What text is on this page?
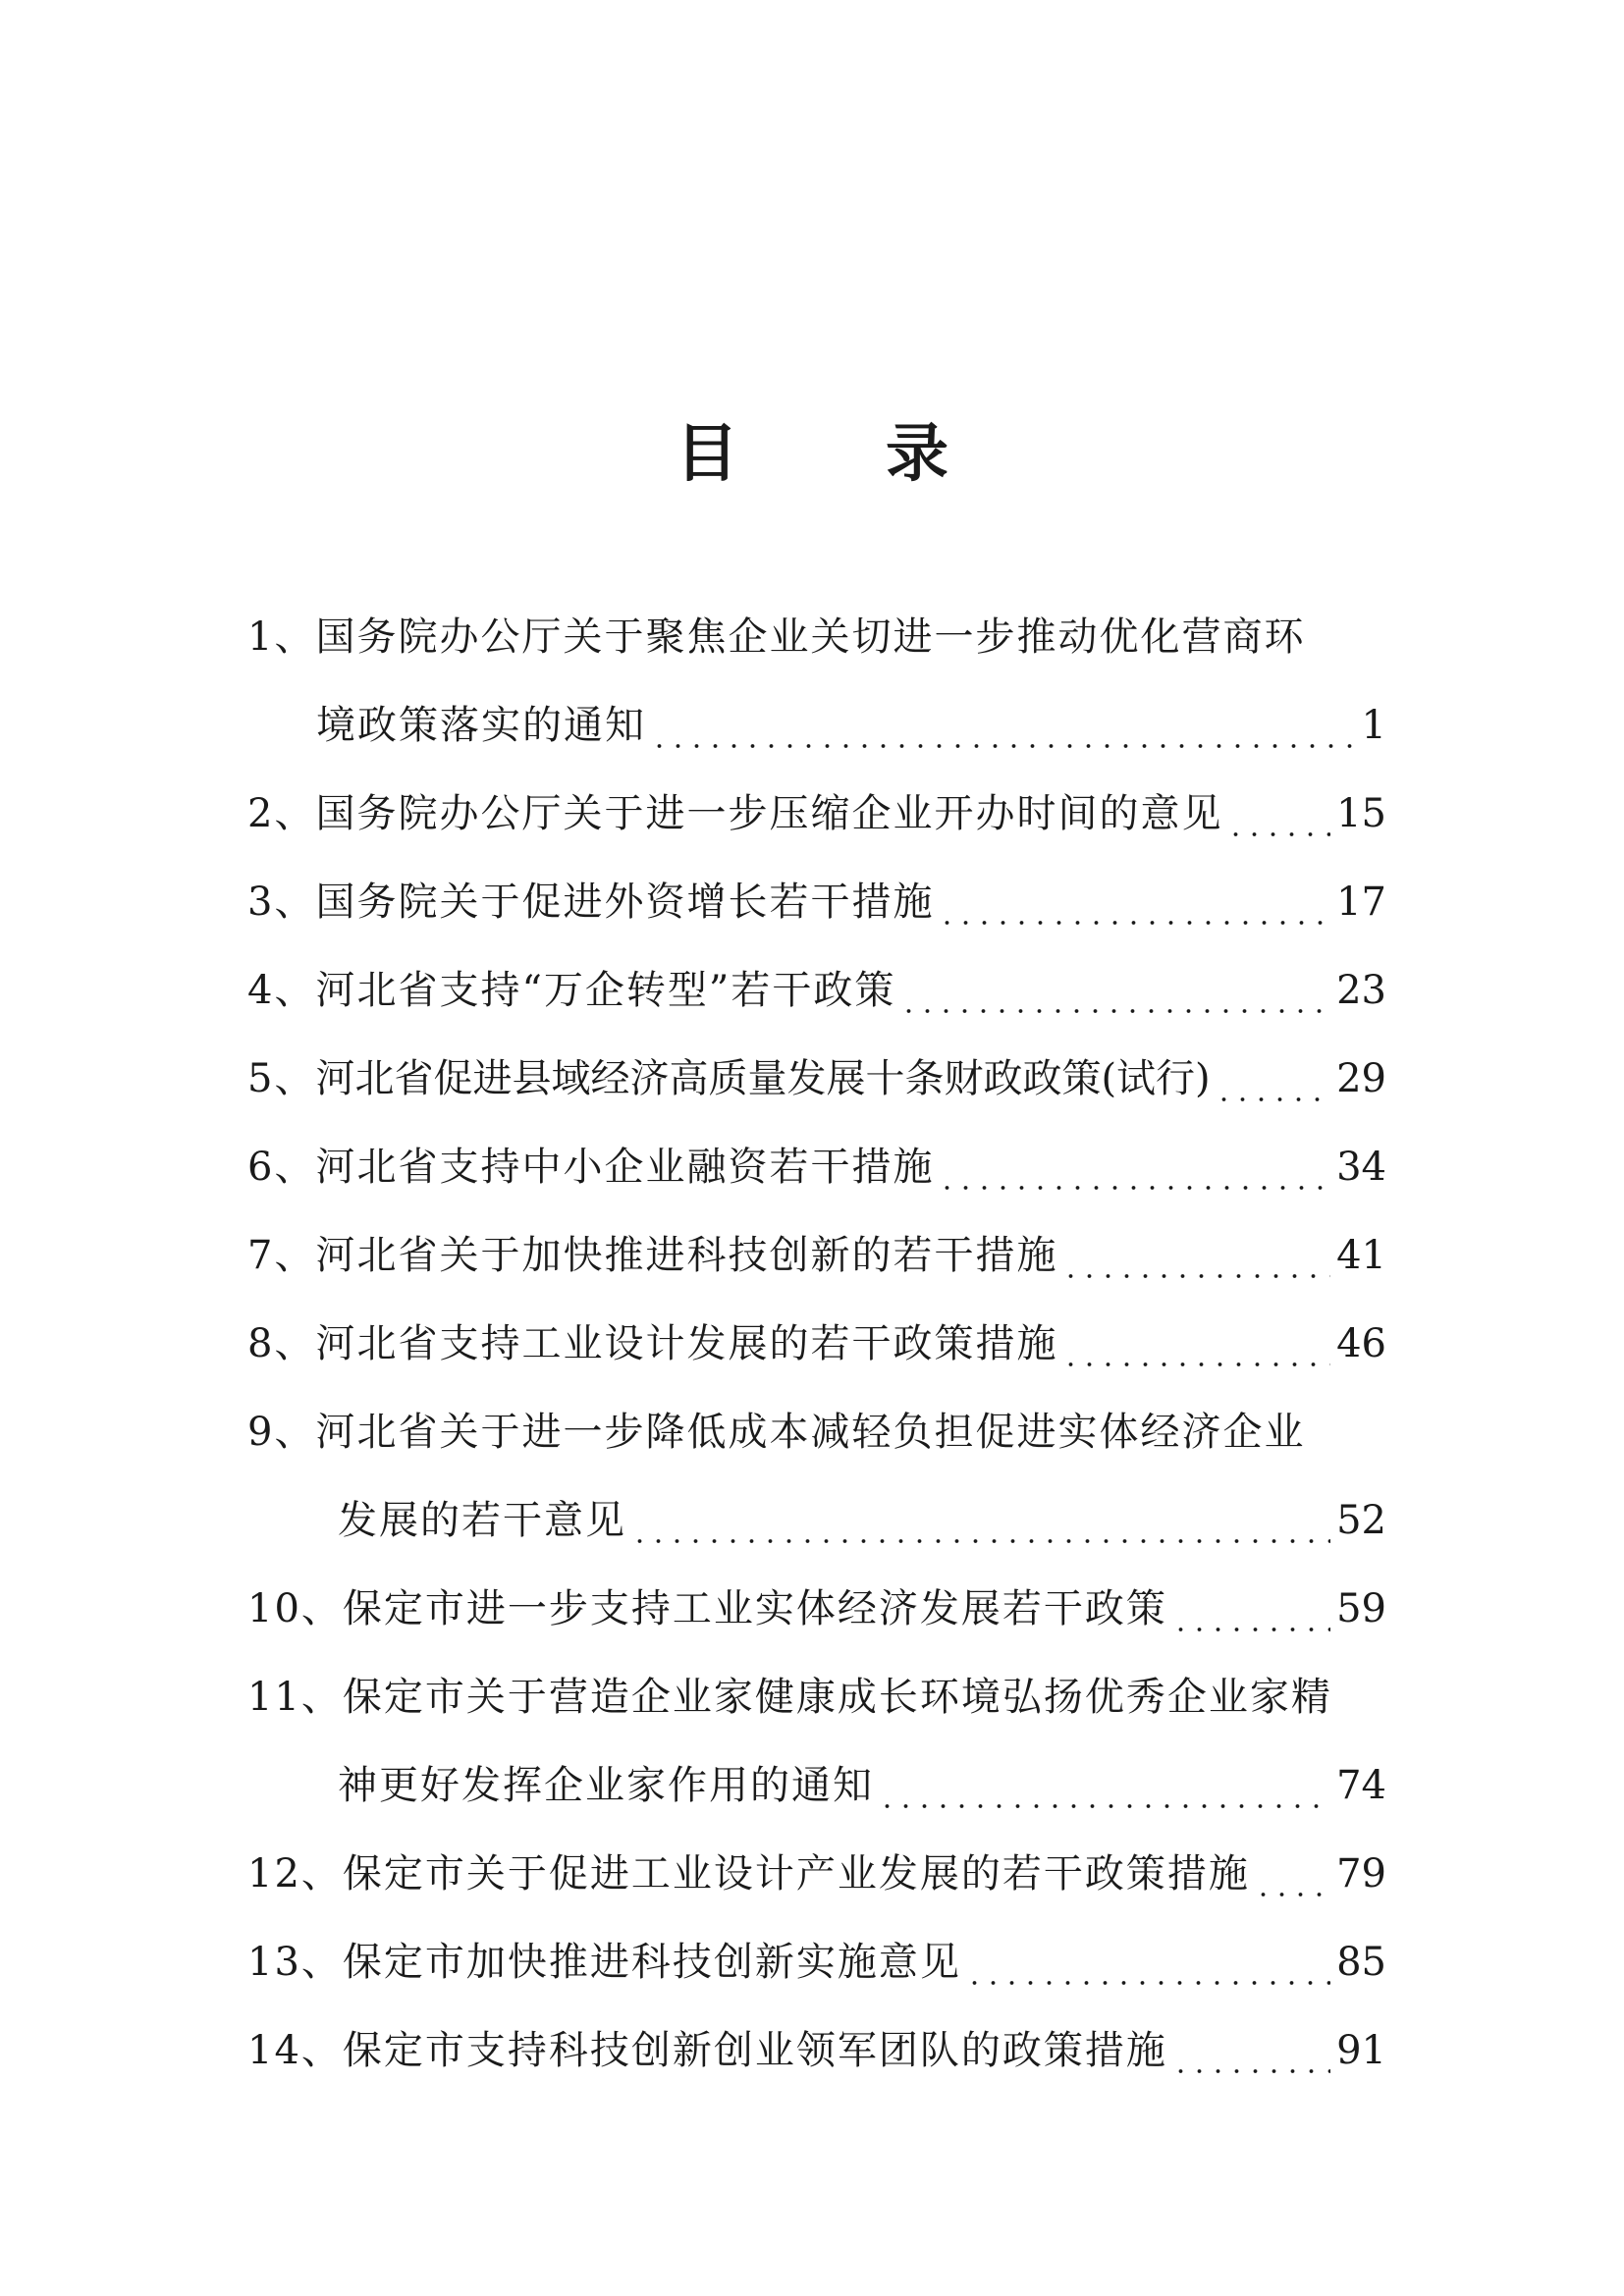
目 录
1、 国务院办公厅关于聚焦企业关切进一步推动优化营商环
境政策落实的通知	1
2、 国务院办公厅关于进一步压缩企业开办时间的意见	15
3、 国务院关于促进外资增长若干措施	17
4、 河北省支持“万企转型”若干政策	23
5、 河北省促进县域经济高质量发展十条财政政策(试行)	29
6、 河北省支持中小企业融资若干措施	34
7、 河北省关于加快推进科技创新的若干措施	41
8、 河北省支持工业设计发展的若干政策措施	46
9、 河北省关于进一步降低成本减轻负担促进实体经济企业
发展的若干意见	52
10、 保定市进一步支持工业实体经济发展若干政策	59
11、 保定市关于营造企业家健康成长环境弘扬优秀企业家精
神更好发挥企业家作用的通知	74
12、 保定市关于促进工业设计产业发展的若干政策措施 79
13、 保定市加快推进科技创新实施意见	85
14、 保定市支持科技创新创业领军团队的政策措施	91
